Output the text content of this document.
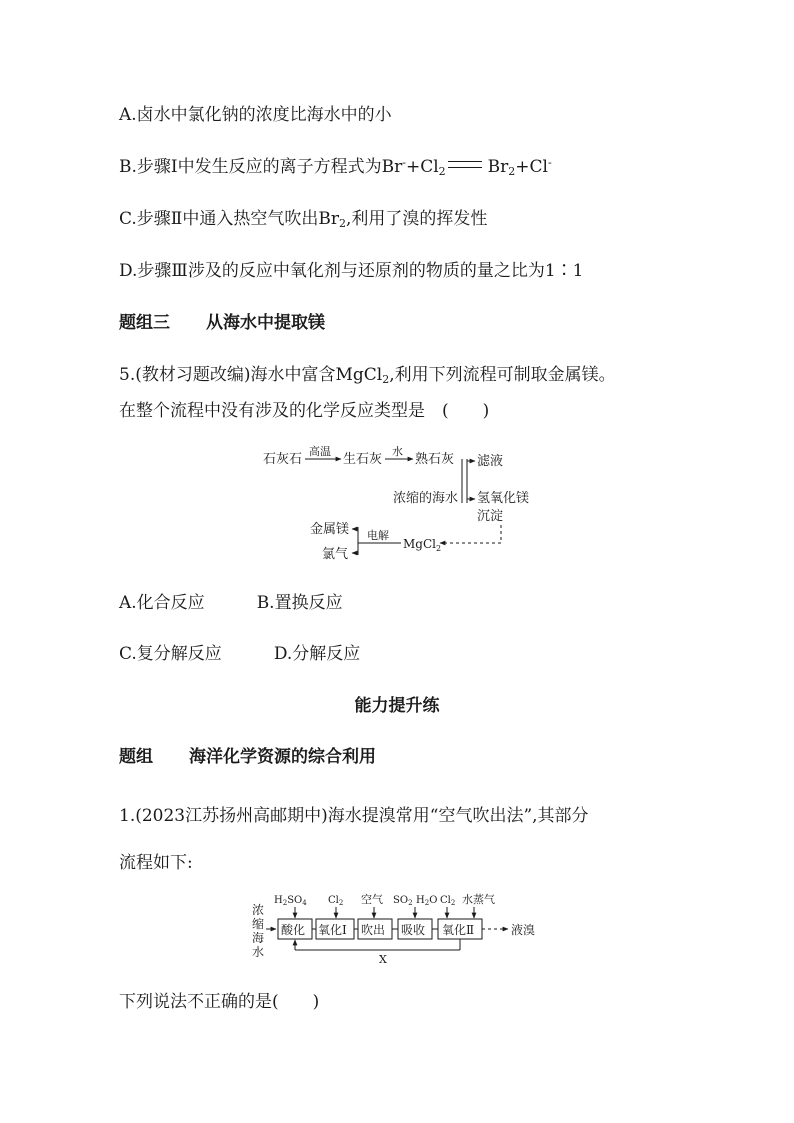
A.卤水中氯化钠的浓度比海水中的小
B.步骤Ⅰ中发生反应的离子方程式为$Br^-+Cl_2$ $Br_2+Cl^-$
C.步骤Ⅱ中通入热空气吹出$Br_2$,利用了溴的挥发性
D.步骤Ⅲ涉及的反应中氧化剂与还原剂的物质的量之比为1∶1
题组三 从海水中提取镁
5.(教材习题改编)海水中富含MgCl$_2$,利用下列流程可制取金属镁。
在整个流程中没有涉及的化学反应类型是　(　　)
石灰石
高温
生石灰
水
熟石灰
浓缩的海水
滤液
氢氧化镁
沉淀
MgCl$_2$
电解
金属镁
氯气
A.化合反应	B.置换反应
C.复分解反应	D.分解反应
能力提升练
题组 海洋化学资源的综合利用
1.(2023江苏扬州高邮期中)海水提溴常用“空气吹出法”,其部分
流程如下:
浓
缩
海
水
$H_2SO_4$ $Cl_2$ 空气 $SO_2$ $H_2O$ $Cl_2$ 水蒸气
酸化 氧化Ⅰ 吹出 吸收 氧化Ⅱ	液溴
X
下列说法不正确的是(　　)
